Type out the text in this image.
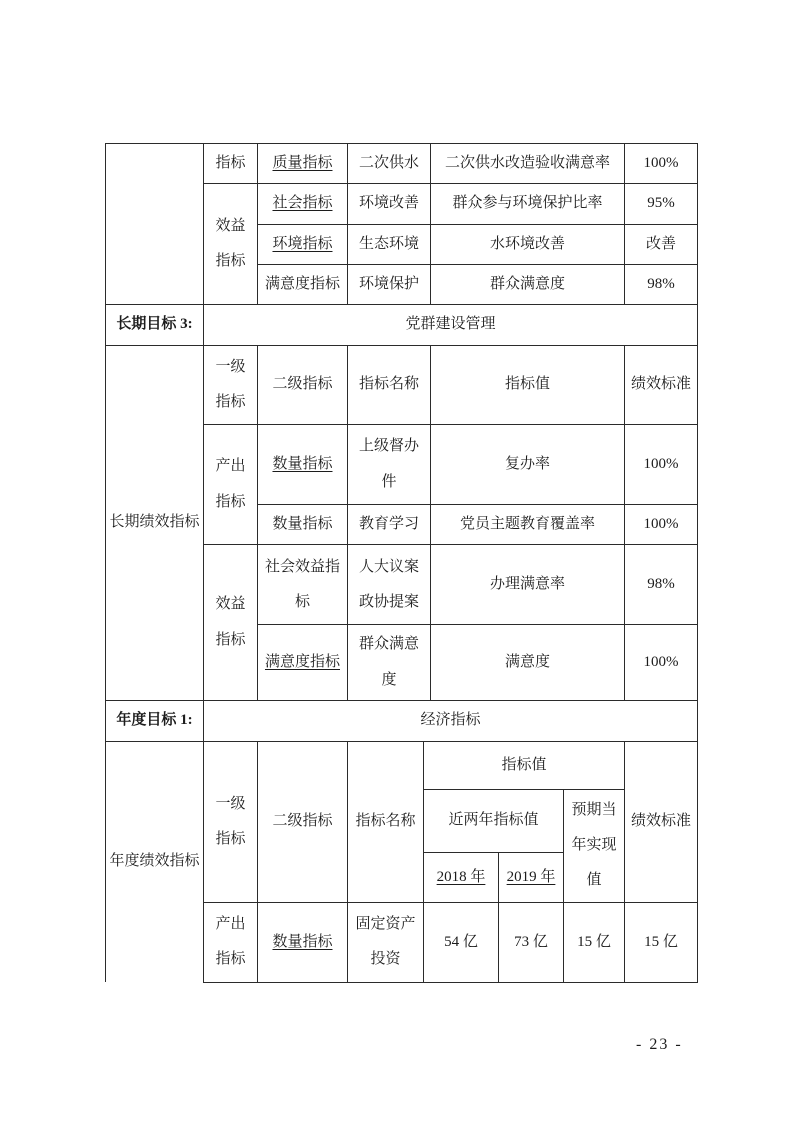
	指标	质量指标	二次供水	二次供水改造验收满意率	100%
	效益指标	社会指标	环境改善	群众参与环境保护比率	95%
		环境指标	生态环境	水环境改善	改善
		满意度指标	环境保护	群众满意度	98%
长期目标 3:	党群建设管理
长期绩效指标	一级指标	二级指标	指标名称	指标值	绩效标准
	产出指标	数量指标	上级督办件	复办率	100%
		数量指标	教育学习	党员主题教育覆盖率	100%
	效益指标	社会效益指标	人大议案政协提案	办理满意率	98%
		满意度指标	群众满意度	满意度	100%
年度目标 1:	经济指标
年度绩效指标	一级指标	二级指标	指标名称	指标值			绩效标准
				近两年指标值		预期当年实现值	
				2018 年	2019 年		
	产出指标	数量指标	固定资产投资	54 亿	73 亿	15 亿	15 亿
- 23 -
